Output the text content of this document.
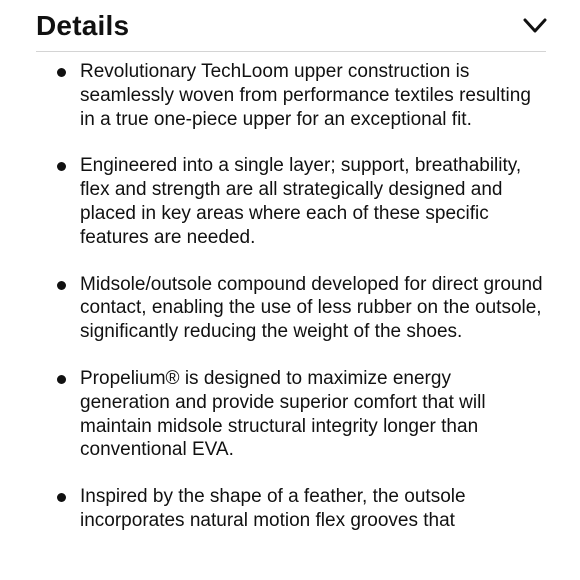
Details
Revolutionary TechLoom upper construction is seamlessly woven from performance textiles resulting in a true one-piece upper for an exceptional fit.
Engineered into a single layer; support, breathability, flex and strength are all strategically designed and placed in key areas where each of these specific features are needed.
Midsole/outsole compound developed for direct ground contact, enabling the use of less rubber on the outsole, significantly reducing the weight of the shoes.
Propelium® is designed to maximize energy generation and provide superior comfort that will maintain midsole structural integrity longer than conventional EVA.
Inspired by the shape of a feather, the outsole incorporates natural motion flex grooves that
